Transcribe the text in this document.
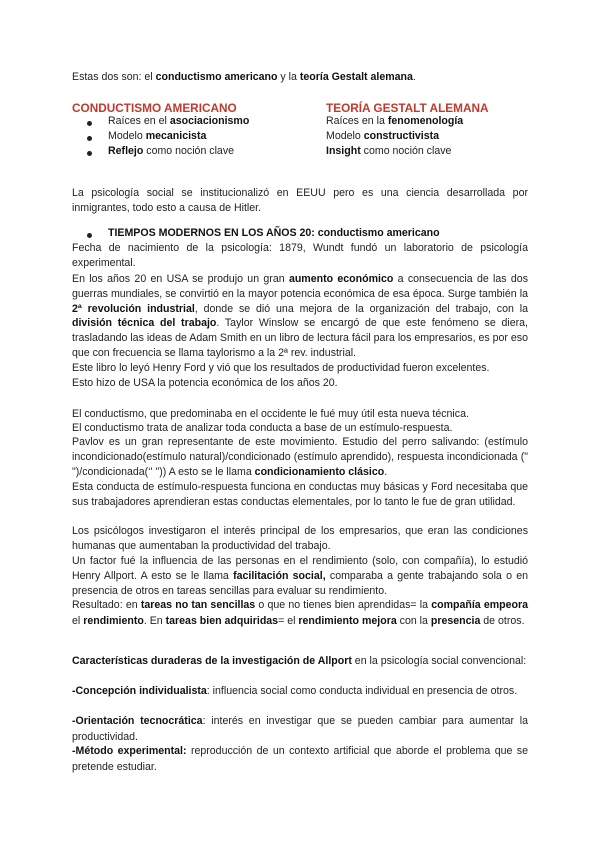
Estas dos son: el conductismo americano y la teoría Gestalt alemana.
CONDUCTISMO AMERICANO	TEORÍA GESTALT ALEMANA
Raíces en el asociacionismo
Modelo mecanicista
Reflejo como noción clave
Raíces en la fenomenología
Modelo constructivista
Insight como noción clave

La psicología social se institucionalizó en EEUU pero es una ciencia desarrollada por inmigrantes, todo esto a causa de Hitler.

TIEMPOS MODERNOS EN LOS AÑOS 20: conductismo americano

Fecha de nacimiento de la psicología: 1879, Wundt fundó un laboratorio de psicología experimental.

En los años 20 en USA se produjo un gran aumento económico a consecuencia de las dos guerras mundiales, se convirtió en la mayor potencia económica de esa época. Surge también la 2ª revolución industrial, donde se dió una mejora de la organización del trabajo, con la división técnica del trabajo. Taylor Winslow se encargó de que este fenómeno se diera, trasladando las ideas de Adam Smith en un libro de lectura fácil para los empresarios, es por eso que con frecuencia se llama taylorismo a la 2ª rev. industrial.

Este libro lo leyó Henry Ford y vió que los resultados de productividad fueron excelentes.
Esto hizo de USA la potencia económica de los años 20.
El conductismo, que predominaba en el occidente le fué muy útil esta nueva técnica.
El conductismo trata de analizar toda conducta a base de un estímulo-respuesta.

Pavlov es un gran representante de este movimiento. Estudio del perro salivando: (estímulo incondicionado(estímulo natural)/condicionado (estímulo aprendido), respuesta incondicionada (" ")/condicionada(‘' ")) A esto se le llama condicionamiento clásico.

Esta conducta de estímulo-respuesta funciona en conductas muy básicas y Ford necesitaba que sus trabajadores aprendieran estas conductas elementales, por lo tanto le fue de gran utilidad.

Los psicólogos investigaron el interés principal de los empresarios, que eran las condiciones humanas que aumentaban la productividad del trabajo.

Un factor fué la influencia de las personas en el rendimiento (solo, con compañía), lo estudió Henry Allport. A esto se le llama facilitación social, comparaba a gente trabajando sola o en presencia de otros en tareas sencillas para evaluar su rendimiento.

Resultado: en tareas no tan sencillas o que no tienes bien aprendidas= la compañía empeora el rendimiento. En tareas bien adquiridas= el rendimiento mejora con la presencia de otros.

Características duraderas de la investigación de Allport en la psicología social convencional:

-Concepción individualista: influencia social como conducta individual en presencia de otros.

-Orientación tecnocrática: interés en investigar que se pueden cambiar para aumentar la productividad.

-Método experimental: reproducción de un contexto artificial que aborde el problema que se pretende estudiar.
